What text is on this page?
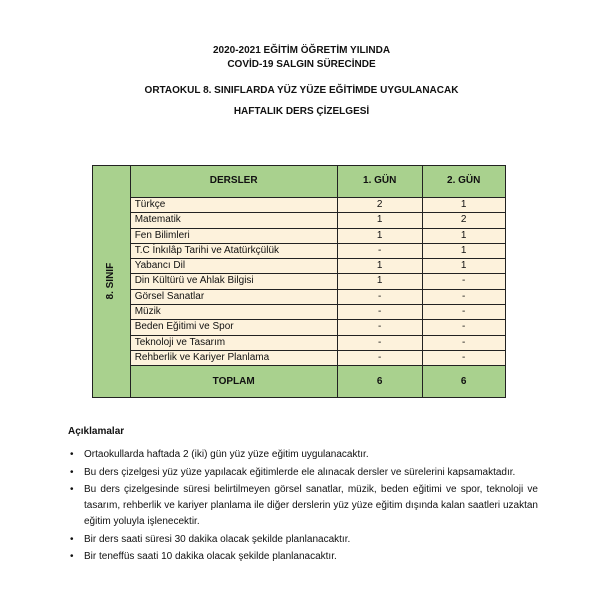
2020-2021 EĞİTİM ÖĞRETİM YILINDA
COVİD-19 SALGIN SÜRECİNDE
ORTAOKUL 8. SINIFLARDA YÜZ YÜZE EĞİTİMDE UYGULANACAK
HAFTALIK DERS ÇİZELGESİ
8. SINIF	DERSLER	1. GÜN	2. GÜN
	Türkçe	2	1
	Matematik	1	2
	Fen Bilimleri	1	1
	T.C İnkılâp Tarihi ve Atatürkçülük	-	1
	Yabancı Dil	1	1
	Din Kültürü ve Ahlak Bilgisi	1	-
	Görsel Sanatlar	-	-
	Müzik	-	-
	Beden Eğitimi ve Spor	-	-
	Teknoloji ve Tasarım	-	-
	Rehberlik ve Kariyer Planlama	-	-
	TOPLAM	6	6
Açıklamalar
• Ortaokullarda haftada 2 (iki) gün yüz yüze eğitim uygulanacaktır.
• Bu ders çizelgesi yüz yüze yapılacak eğitimlerde ele alınacak dersler ve sürelerini kapsamaktadır.
• Bu ders çizelgesinde süresi belirtilmeyen görsel sanatlar, müzik, beden eğitimi ve spor, teknoloji ve tasarım, rehberlik ve kariyer planlama ile diğer derslerin yüz yüze eğitim dışında kalan saatleri uzaktan eğitim yoluyla işlenecektir.
• Bir ders saati süresi 30 dakika olacak şekilde planlanacaktır.
• Bir teneffüs saati 10 dakika olacak şekilde planlanacaktır.
